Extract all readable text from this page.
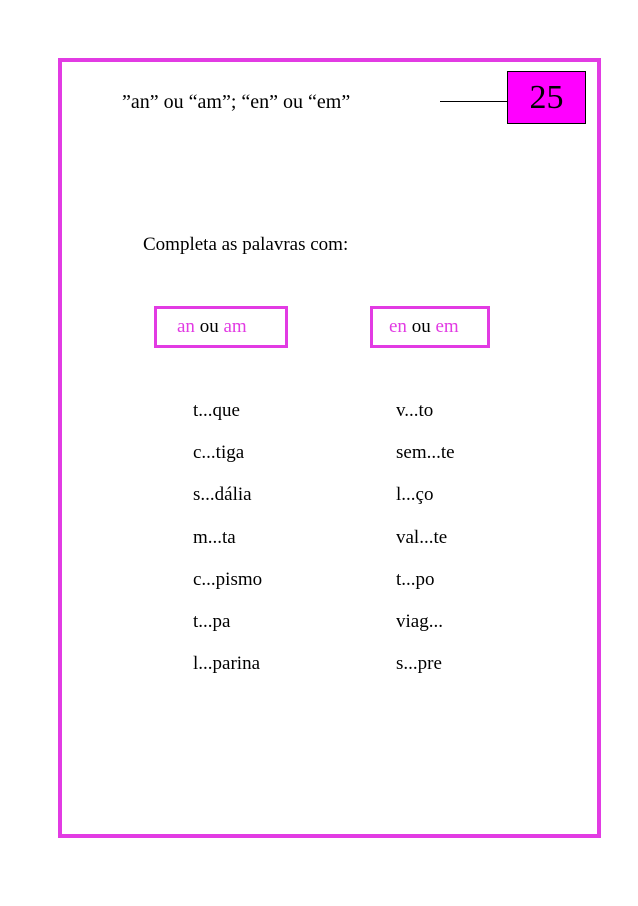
”an” ou “am”; “en” ou “em”	25
Completa as palavras com:
an ou am	en ou em
t...que
c...tiga
s...dália
m...ta
c...pismo
t...pa
l...parina
v...to
sem...te
l...ço
val...te
t...po
viag...
s...pre
